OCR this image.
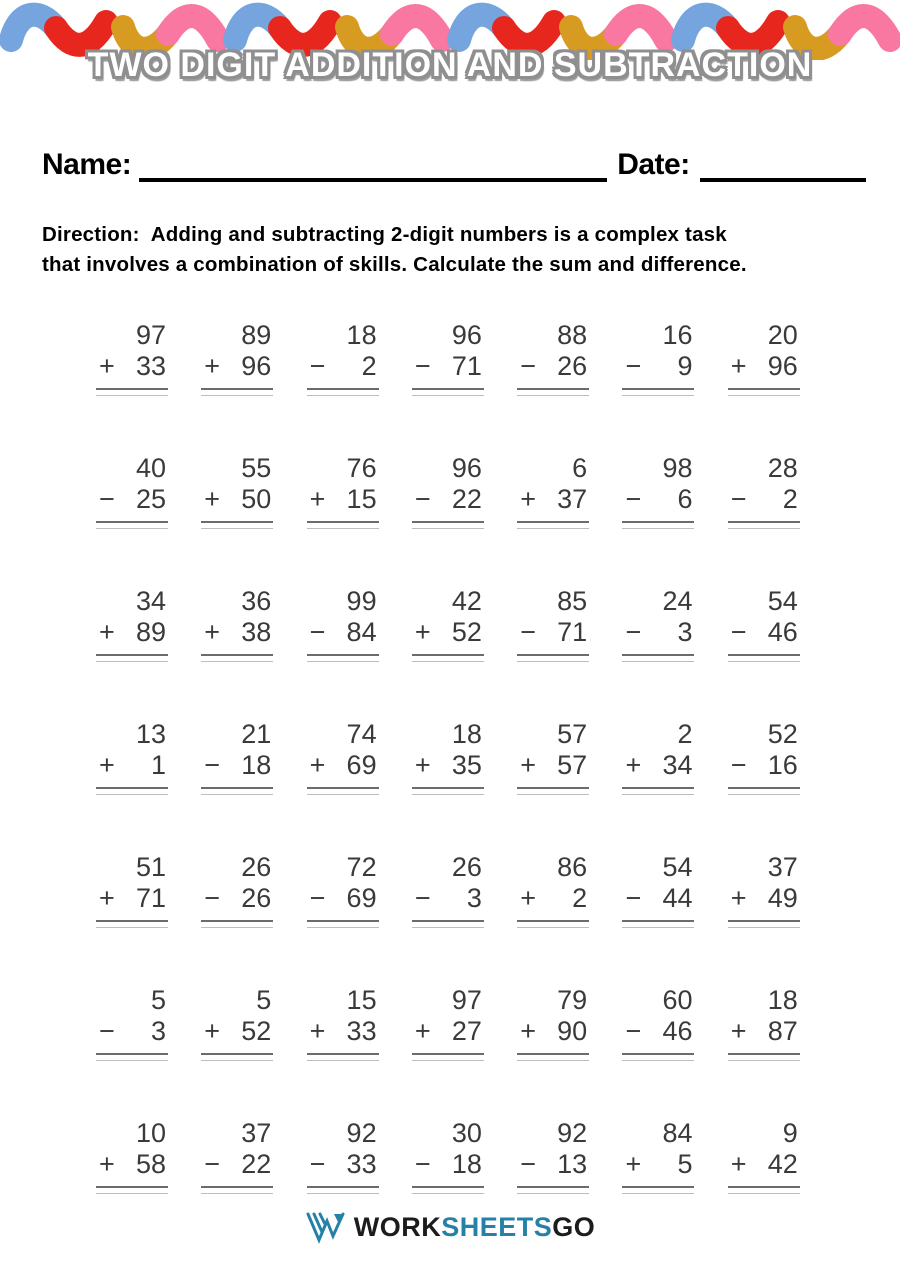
TWO DIGIT ADDITION AND SUBTRACTION
Name:	Date:

Direction:  Adding and subtracting 2-digit numbers is a complex task
that involves a combination of skills. Calculate the sum and difference.

97
+ 33
89
+ 96
18
−	2
96
− 71
88
− 26
16
−	9
20
+ 96
40
− 25
55
+ 50
76
+ 15
96
− 22
6
+ 37
98
−	6
28
−	2
34
+ 89
36
+ 38
99
− 84
42
+ 52
85
− 71
24
−	3
54
− 46
13
+	1
21
− 18
74
+ 69
18
+ 35
57
+ 57
2
+ 34
52
− 16
51
+ 71
26
− 26
72
− 69
26
−	3
86
+	2
54
− 44
37
+ 49
5
−	3
5
+ 52
15
+ 33
97
+ 27
79
+ 90
60
− 46
18
+ 87
10
+ 58
37
− 22
92
− 33
30
− 18
92
− 13
84
+	5
9
+ 42
WORKSHEETSGO
